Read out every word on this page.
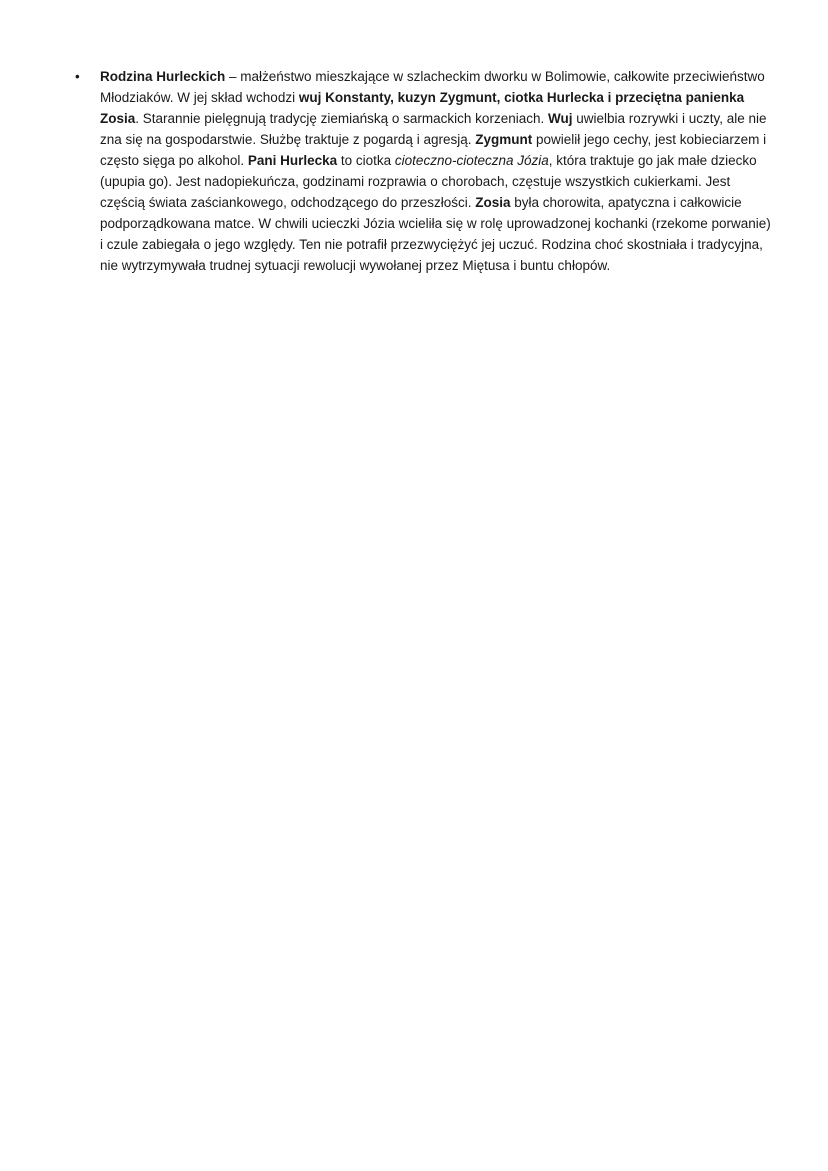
•	Rodzina Hurleckich – małżeństwo mieszkające w szlacheckim dworku w Bolimowie, całkowite przeciwieństwo Młodziaków. W jej skład wchodzi wuj Konstanty, kuzyn Zygmunt, ciotka Hurlecka i przeciętna panienka Zosia. Starannie pielęgnują tradycję ziemiańską o sarmackich korzeniach. Wuj uwielbia rozrywki i uczty, ale nie zna się na gospodarstwie. Służbę traktuje z pogardą i agresją. Zygmunt powielił jego cechy, jest kobieciarzem i często sięga po alkohol. Pani Hurlecka to ciotka cioteczno-cioteczna Józia, która traktuje go jak małe dziecko (upupia go). Jest nadopiekuńcza, godzinami rozprawia o chorobach, częstuje wszystkich cukierkami. Jest częścią świata zaściankowego, odchodzącego do przeszłości. Zosia była chorowita, apatyczna i całkowicie podporządkowana matce. W chwili ucieczki Józia wcieliła się w rolę uprowadzonej kochanki (rzekome porwanie) i czule zabiegała o jego względy. Ten nie potrafił przezwyciężyć jej uczuć. Rodzina choć skostniała i tradycyjna, nie wytrzymywała trudnej sytuacji rewolucji wywołanej przez Miętusa i buntu chłopów.
